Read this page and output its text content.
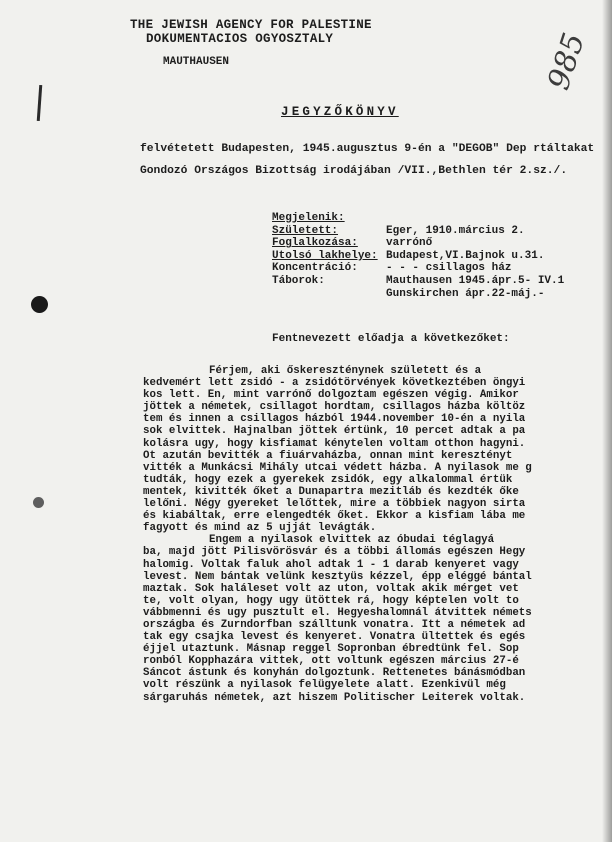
THE JEWISH AGENCY FOR PALESTINE
DOKUMENTACIOS OGYOSZTALY
MAUTHAUSEN	985
JEGYZŐKÖNYV

felvétetett Budapesten, 1945.augusztus 9-én a "DEGOB" Dep rtáltakat Gondozó Országos Bizottság irodájában /VII.,Bethlen tér 2.sz./.

Megjelenik:
Született:	Eger, 1910.március 2.
Foglalkozása:	varrónő
Utolsó lakhelye: Budapest,VI.Bajnok u.31.
Koncentráció:	- - - csillagos ház
Táborok:	Mauthausen 1945.ápr.5- IV.1
Gunskirchen ápr.22-máj.-
Fentnevezett előadja a következőket:
Férjem, aki őskereszténynek született és a
kedvemért lett zsidó - a zsidótörvények következtében öngyi
kos lett. Én, mint varrónő dolgoztam egészen végig. Amikor
jöttek a németek, csillagot hordtam, csillagos házba költöz
tem és innen a csillagos házból 1944.november 10-én a nyila
sok elvittek. Hajnalban jöttek értünk, 10 percet adtak a pa
kolásra ugy, hogy kisfiamat kénytelen voltam otthon hagyni.
Őt azután bevitték a fiuárvaházba, onnan mint keresztényt
vitték a Munkácsi Mihály utcai védett házba. A nyilasok me g
tudták, hogy ezek a gyerekek zsidók, egy alkalommal értük
mentek, kivitték őket a Dunapartra mezitláb és kezdték őke
lelőni. Négy gyereket lelőttek, mire a többiek nagyon sirta
és kiabáltak, erre elengedték őket. Ekkor a kisfiam lába me
fagyott és mind az 5 ujját levágták.
Engem a nyilasok elvittek az óbudai téglagyá
ba, majd jött Pilisvörösvár és a többi állomás egészen Hegy
halomig. Voltak faluk ahol adtak 1 - 1 darab kenyeret vagy
levest. Nem bántak velünk kesztyüs kézzel, épp eléggé bántal
maztak. Sok haláleset volt az uton, voltak akik mérget vet
te, volt olyan, hogy ugy ütöttek rá, hogy képtelen volt to
vábbmenni és ugy pusztult el. Hegyeshalomnál átvittek némets
országba és Zurndorfban szálltunk vonatra. Itt a németek ad
tak egy csajka levest és kenyeret. Vonatra ültettek és egés
éjjel utaztunk. Másnap reggel Sopronban ébredtünk fel. Sop
ronból Kopphazára vittek, ott voltunk egészen március 27-é
Sáncot ástunk és konyhán dolgoztunk. Rettenetes bánásmódban
volt részünk a nyilasok felügyelete alatt. Ezenkivül még
sárgaruhás németek, azt hiszem Politischer Leiterek voltak.
